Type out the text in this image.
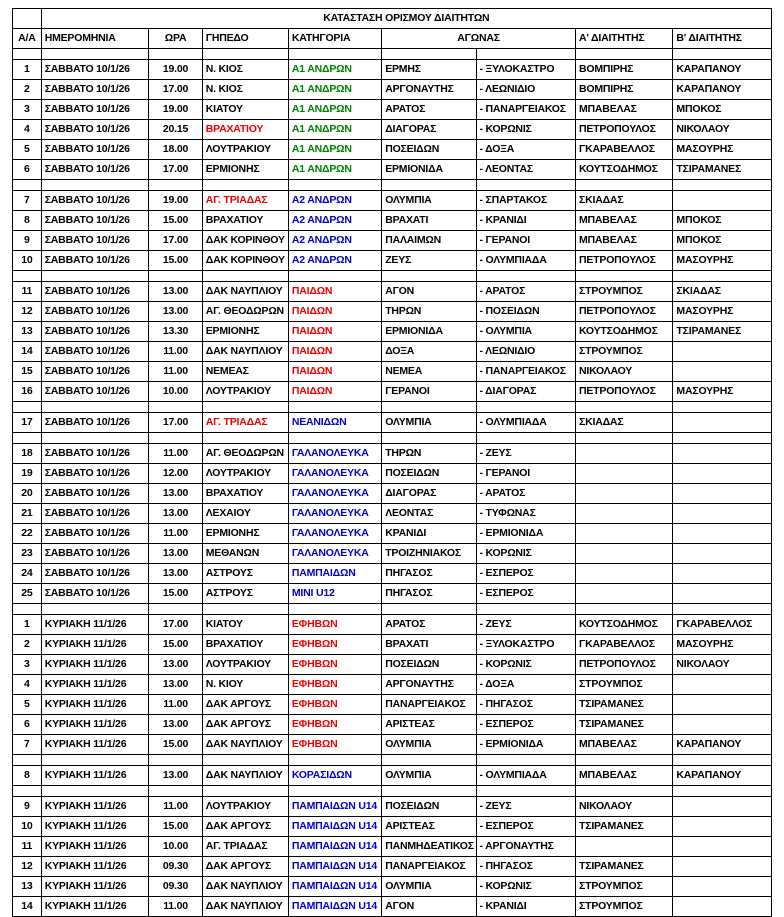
	ΚΑΤΑΣΤΑΣΗ ΟΡΙΣΜΟΥ ΔΙΑΙΤΗΤΩΝ							
Α/Α	ΗΜΕΡΟΜΗΝΙΑ	ΩΡΑ	ΓΗΠΕΔΟ	ΚΑΤΗΓΟΡΙΑ	ΑΓΩΝΑΣ		Α' ΔΙΑΙΤΗΤΗΣ	Β' ΔΙΑΙΤΗΤΗΣ

1	ΣΑΒΒΑΤΟ 10/1/26	19.00	Ν. ΚΙΟΣ	Α1 ΑΝΔΡΩΝ	ΕΡΜΗΣ	- ΞΥΛΟΚΑΣΤΡΟ	ΒΟΜΠΙΡΗΣ	ΚΑΡΑΠΑΝΟΥ
2	ΣΑΒΒΑΤΟ 10/1/26	17.00	Ν. ΚΙΟΣ	Α1 ΑΝΔΡΩΝ	ΑΡΓΟΝΑΥΤΗΣ	- ΛΕΩΝΙΔΙΟ	ΒΟΜΠΙΡΗΣ	ΚΑΡΑΠΑΝΟΥ
3	ΣΑΒΒΑΤΟ 10/1/26	19.00	ΚΙΑΤΟΥ	Α1 ΑΝΔΡΩΝ	ΑΡΑΤΟΣ	- ΠΑΝΑΡΓΕΙΑΚΟΣ	ΜΠΑΒΕΛΑΣ	ΜΠΟΚΟΣ
4	ΣΑΒΒΑΤΟ 10/1/26	20.15	ΒΡΑΧΑΤΙΟΥ	Α1 ΑΝΔΡΩΝ	ΔΙΑΓΟΡΑΣ	- ΚΟΡΩΝΙΣ	ΠΕΤΡΟΠΟΥΛΟΣ	ΝΙΚΟΛΑΟΥ
5	ΣΑΒΒΑΤΟ 10/1/26	18.00	ΛΟΥΤΡΑΚΙΟΥ	Α1 ΑΝΔΡΩΝ	ΠΟΣΕΙΔΩΝ	- ΔΟΞΑ	ΓΚΑΡΑΒΕΛΛΟΣ	ΜΑΣΟΥΡΗΣ
6	ΣΑΒΒΑΤΟ 10/1/26	17.00	ΕΡΜΙΟΝΗΣ	Α1 ΑΝΔΡΩΝ	ΕΡΜΙΟΝΙΔΑ	- ΛΕΟΝΤΑΣ	ΚΟΥΤΣΟΔΗΜΟΣ	ΤΣΙΡΑΜΑΝΕΣ

7	ΣΑΒΒΑΤΟ 10/1/26	19.00	ΑΓ. ΤΡΙΑΔΑΣ	Α2 ΑΝΔΡΩΝ	ΟΛΥΜΠΙΑ	- ΣΠΑΡΤΑΚΟΣ	ΣΚΙΑΔΑΣ	
8	ΣΑΒΒΑΤΟ 10/1/26	15.00	ΒΡΑΧΑΤΙΟΥ	Α2 ΑΝΔΡΩΝ	ΒΡΑΧΑΤΙ	- ΚΡΑΝΙΔΙ	ΜΠΑΒΕΛΑΣ	ΜΠΟΚΟΣ
9	ΣΑΒΒΑΤΟ 10/1/26	17.00	ΔΑΚ ΚΟΡΙΝΘΟΥ	Α2 ΑΝΔΡΩΝ	ΠΑΛΑΙΜΩΝ	- ΓΕΡΑΝΟΙ	ΜΠΑΒΕΛΑΣ	ΜΠΟΚΟΣ
10	ΣΑΒΒΑΤΟ 10/1/26	15.00	ΔΑΚ ΚΟΡΙΝΘΟΥ	Α2 ΑΝΔΡΩΝ	ΖΕΥΣ	- ΟΛΥΜΠΙΑΔΑ	ΠΕΤΡΟΠΟΥΛΟΣ	ΜΑΣΟΥΡΗΣ

11	ΣΑΒΒΑΤΟ 10/1/26	13.00	ΔΑΚ ΝΑΥΠΛΙΟΥ	ΠΑΙΔΩΝ	ΑΓΟΝ	- ΑΡΑΤΟΣ	ΣΤΡΟΥΜΠΟΣ	ΣΚΙΑΔΑΣ
12	ΣΑΒΒΑΤΟ 10/1/26	13.00	ΑΓ. ΘΕΟΔΩΡΩΝ	ΠΑΙΔΩΝ	ΤΗΡΩΝ	- ΠΟΣΕΙΔΩΝ	ΠΕΤΡΟΠΟΥΛΟΣ	ΜΑΣΟΥΡΗΣ
13	ΣΑΒΒΑΤΟ 10/1/26	13.30	ΕΡΜΙΟΝΗΣ	ΠΑΙΔΩΝ	ΕΡΜΙΟΝΙΔΑ	- ΟΛΥΜΠΙΑ	ΚΟΥΤΣΟΔΗΜΟΣ	ΤΣΙΡΑΜΑΝΕΣ
14	ΣΑΒΒΑΤΟ 10/1/26	11.00	ΔΑΚ ΝΑΥΠΛΙΟΥ	ΠΑΙΔΩΝ	ΔΟΞΑ	- ΛΕΩΝΙΔΙΟ	ΣΤΡΟΥΜΠΟΣ	
15	ΣΑΒΒΑΤΟ 10/1/26	11.00	ΝΕΜΕΑΣ	ΠΑΙΔΩΝ	ΝΕΜΕΑ	- ΠΑΝΑΡΓΕΙΑΚΟΣ	ΝΙΚΟΛΑΟΥ	
16	ΣΑΒΒΑΤΟ 10/1/26	10.00	ΛΟΥΤΡΑΚΙΟΥ	ΠΑΙΔΩΝ	ΓΕΡΑΝΟΙ	- ΔΙΑΓΟΡΑΣ	ΠΕΤΡΟΠΟΥΛΟΣ	ΜΑΣΟΥΡΗΣ

17	ΣΑΒΒΑΤΟ 10/1/26	17.00	ΑΓ. ΤΡΙΑΔΑΣ	ΝΕΑΝΙΔΩΝ	ΟΛΥΜΠΙΑ	- ΟΛΥΜΠΙΑΔΑ	ΣΚΙΑΔΑΣ	

18	ΣΑΒΒΑΤΟ 10/1/26	11.00	ΑΓ. ΘΕΟΔΩΡΩΝ	ΓΑΛΑΝΟΛΕΥΚΑ	ΤΗΡΩΝ	- ΖΕΥΣ		
19	ΣΑΒΒΑΤΟ 10/1/26	12.00	ΛΟΥΤΡΑΚΙΟΥ	ΓΑΛΑΝΟΛΕΥΚΑ	ΠΟΣΕΙΔΩΝ	- ΓΕΡΑΝΟΙ		
20	ΣΑΒΒΑΤΟ 10/1/26	13.00	ΒΡΑΧΑΤΙΟΥ	ΓΑΛΑΝΟΛΕΥΚΑ	ΔΙΑΓΟΡΑΣ	- ΑΡΑΤΟΣ		
21	ΣΑΒΒΑΤΟ 10/1/26	13.00	ΛΕΧΑΙΟΥ	ΓΑΛΑΝΟΛΕΥΚΑ	ΛΕΟΝΤΑΣ	- ΤΥΦΩΝΑΣ		
22	ΣΑΒΒΑΤΟ 10/1/26	11.00	ΕΡΜΙΟΝΗΣ	ΓΑΛΑΝΟΛΕΥΚΑ	ΚΡΑΝΙΔΙ	- ΕΡΜΙΟΝΙΔΑ		
23	ΣΑΒΒΑΤΟ 10/1/26	13.00	ΜΕΘΑΝΩΝ	ΓΑΛΑΝΟΛΕΥΚΑ	ΤΡΟΙΖΗΝΙΑΚΟΣ	- ΚΟΡΩΝΙΣ		
24	ΣΑΒΒΑΤΟ 10/1/26	13.00	ΑΣΤΡΟΥΣ	ΠΑΜΠΑΙΔΩΝ	ΠΗΓΑΣΟΣ	- ΕΣΠΕΡΟΣ		
25	ΣΑΒΒΑΤΟ 10/1/26	15.00	ΑΣΤΡΟΥΣ	MINI U12	ΠΗΓΑΣΟΣ	- ΕΣΠΕΡΟΣ		

1	ΚΥΡΙΑΚΗ 11/1/26	17.00	ΚΙΑΤΟΥ	ΕΦΗΒΩΝ	ΑΡΑΤΟΣ	- ΖΕΥΣ	ΚΟΥΤΣΟΔΗΜΟΣ	ΓΚΑΡΑΒΕΛΛΟΣ
2	ΚΥΡΙΑΚΗ 11/1/26	15.00	ΒΡΑΧΑΤΙΟΥ	ΕΦΗΒΩΝ	ΒΡΑΧΑΤΙ	- ΞΥΛΟΚΑΣΤΡΟ	ΓΚΑΡΑΒΕΛΛΟΣ	ΜΑΣΟΥΡΗΣ
3	ΚΥΡΙΑΚΗ 11/1/26	13.00	ΛΟΥΤΡΑΚΙΟΥ	ΕΦΗΒΩΝ	ΠΟΣΕΙΔΩΝ	- ΚΟΡΩΝΙΣ	ΠΕΤΡΟΠΟΥΛΟΣ	ΝΙΚΟΛΑΟΥ
4	ΚΥΡΙΑΚΗ 11/1/26	13.00	Ν. ΚΙΟΥ	ΕΦΗΒΩΝ	ΑΡΓΟΝΑΥΤΗΣ	- ΔΟΞΑ	ΣΤΡΟΥΜΠΟΣ	
5	ΚΥΡΙΑΚΗ 11/1/26	11.00	ΔΑΚ ΑΡΓΟΥΣ	ΕΦΗΒΩΝ	ΠΑΝΑΡΓΕΙΑΚΟΣ	- ΠΗΓΑΣΟΣ	ΤΣΙΡΑΜΑΝΕΣ	
6	ΚΥΡΙΑΚΗ 11/1/26	13.00	ΔΑΚ ΑΡΓΟΥΣ	ΕΦΗΒΩΝ	ΑΡΙΣΤΕΑΣ	- ΕΣΠΕΡΟΣ	ΤΣΙΡΑΜΑΝΕΣ	
7	ΚΥΡΙΑΚΗ 11/1/26	15.00	ΔΑΚ ΝΑΥΠΛΙΟΥ	ΕΦΗΒΩΝ	ΟΛΥΜΠΙΑ	- ΕΡΜΙΟΝΙΔΑ	ΜΠΑΒΕΛΑΣ	ΚΑΡΑΠΑΝΟΥ

8	ΚΥΡΙΑΚΗ 11/1/26	13.00	ΔΑΚ ΝΑΥΠΛΙΟΥ	ΚΟΡΑΣΙΔΩΝ	ΟΛΥΜΠΙΑ	- ΟΛΥΜΠΙΑΔΑ	ΜΠΑΒΕΛΑΣ	ΚΑΡΑΠΑΝΟΥ

9	ΚΥΡΙΑΚΗ 11/1/26	11.00	ΛΟΥΤΡΑΚΙΟΥ	ΠΑΜΠΑΙΔΩΝ U14	ΠΟΣΕΙΔΩΝ	- ΖΕΥΣ	ΝΙΚΟΛΑΟΥ	
10	ΚΥΡΙΑΚΗ 11/1/26	15.00	ΔΑΚ ΑΡΓΟΥΣ	ΠΑΜΠΑΙΔΩΝ U14	ΑΡΙΣΤΕΑΣ	- ΕΣΠΕΡΟΣ	ΤΣΙΡΑΜΑΝΕΣ	
11	ΚΥΡΙΑΚΗ 11/1/26	10.00	ΑΓ. ΤΡΙΑΔΑΣ	ΠΑΜΠΑΙΔΩΝ U14	ΠΑΝΜΗΔΕΑΤΙΚΟΣ	- ΑΡΓΟΝΑΥΤΗΣ		
12	ΚΥΡΙΑΚΗ 11/1/26	09.30	ΔΑΚ ΑΡΓΟΥΣ	ΠΑΜΠΑΙΔΩΝ U14	ΠΑΝΑΡΓΕΙΑΚΟΣ	- ΠΗΓΑΣΟΣ	ΤΣΙΡΑΜΑΝΕΣ	
13	ΚΥΡΙΑΚΗ 11/1/26	09.30	ΔΑΚ ΝΑΥΠΛΙΟΥ	ΠΑΜΠΑΙΔΩΝ U14	ΟΛΥΜΠΙΑ	- ΚΟΡΩΝΙΣ	ΣΤΡΟΥΜΠΟΣ	
14	ΚΥΡΙΑΚΗ 11/1/26	11.00	ΔΑΚ ΝΑΥΠΛΙΟΥ	ΠΑΜΠΑΙΔΩΝ U14	ΑΓΟΝ	- ΚΡΑΝΙΔΙ	ΣΤΡΟΥΜΠΟΣ	
